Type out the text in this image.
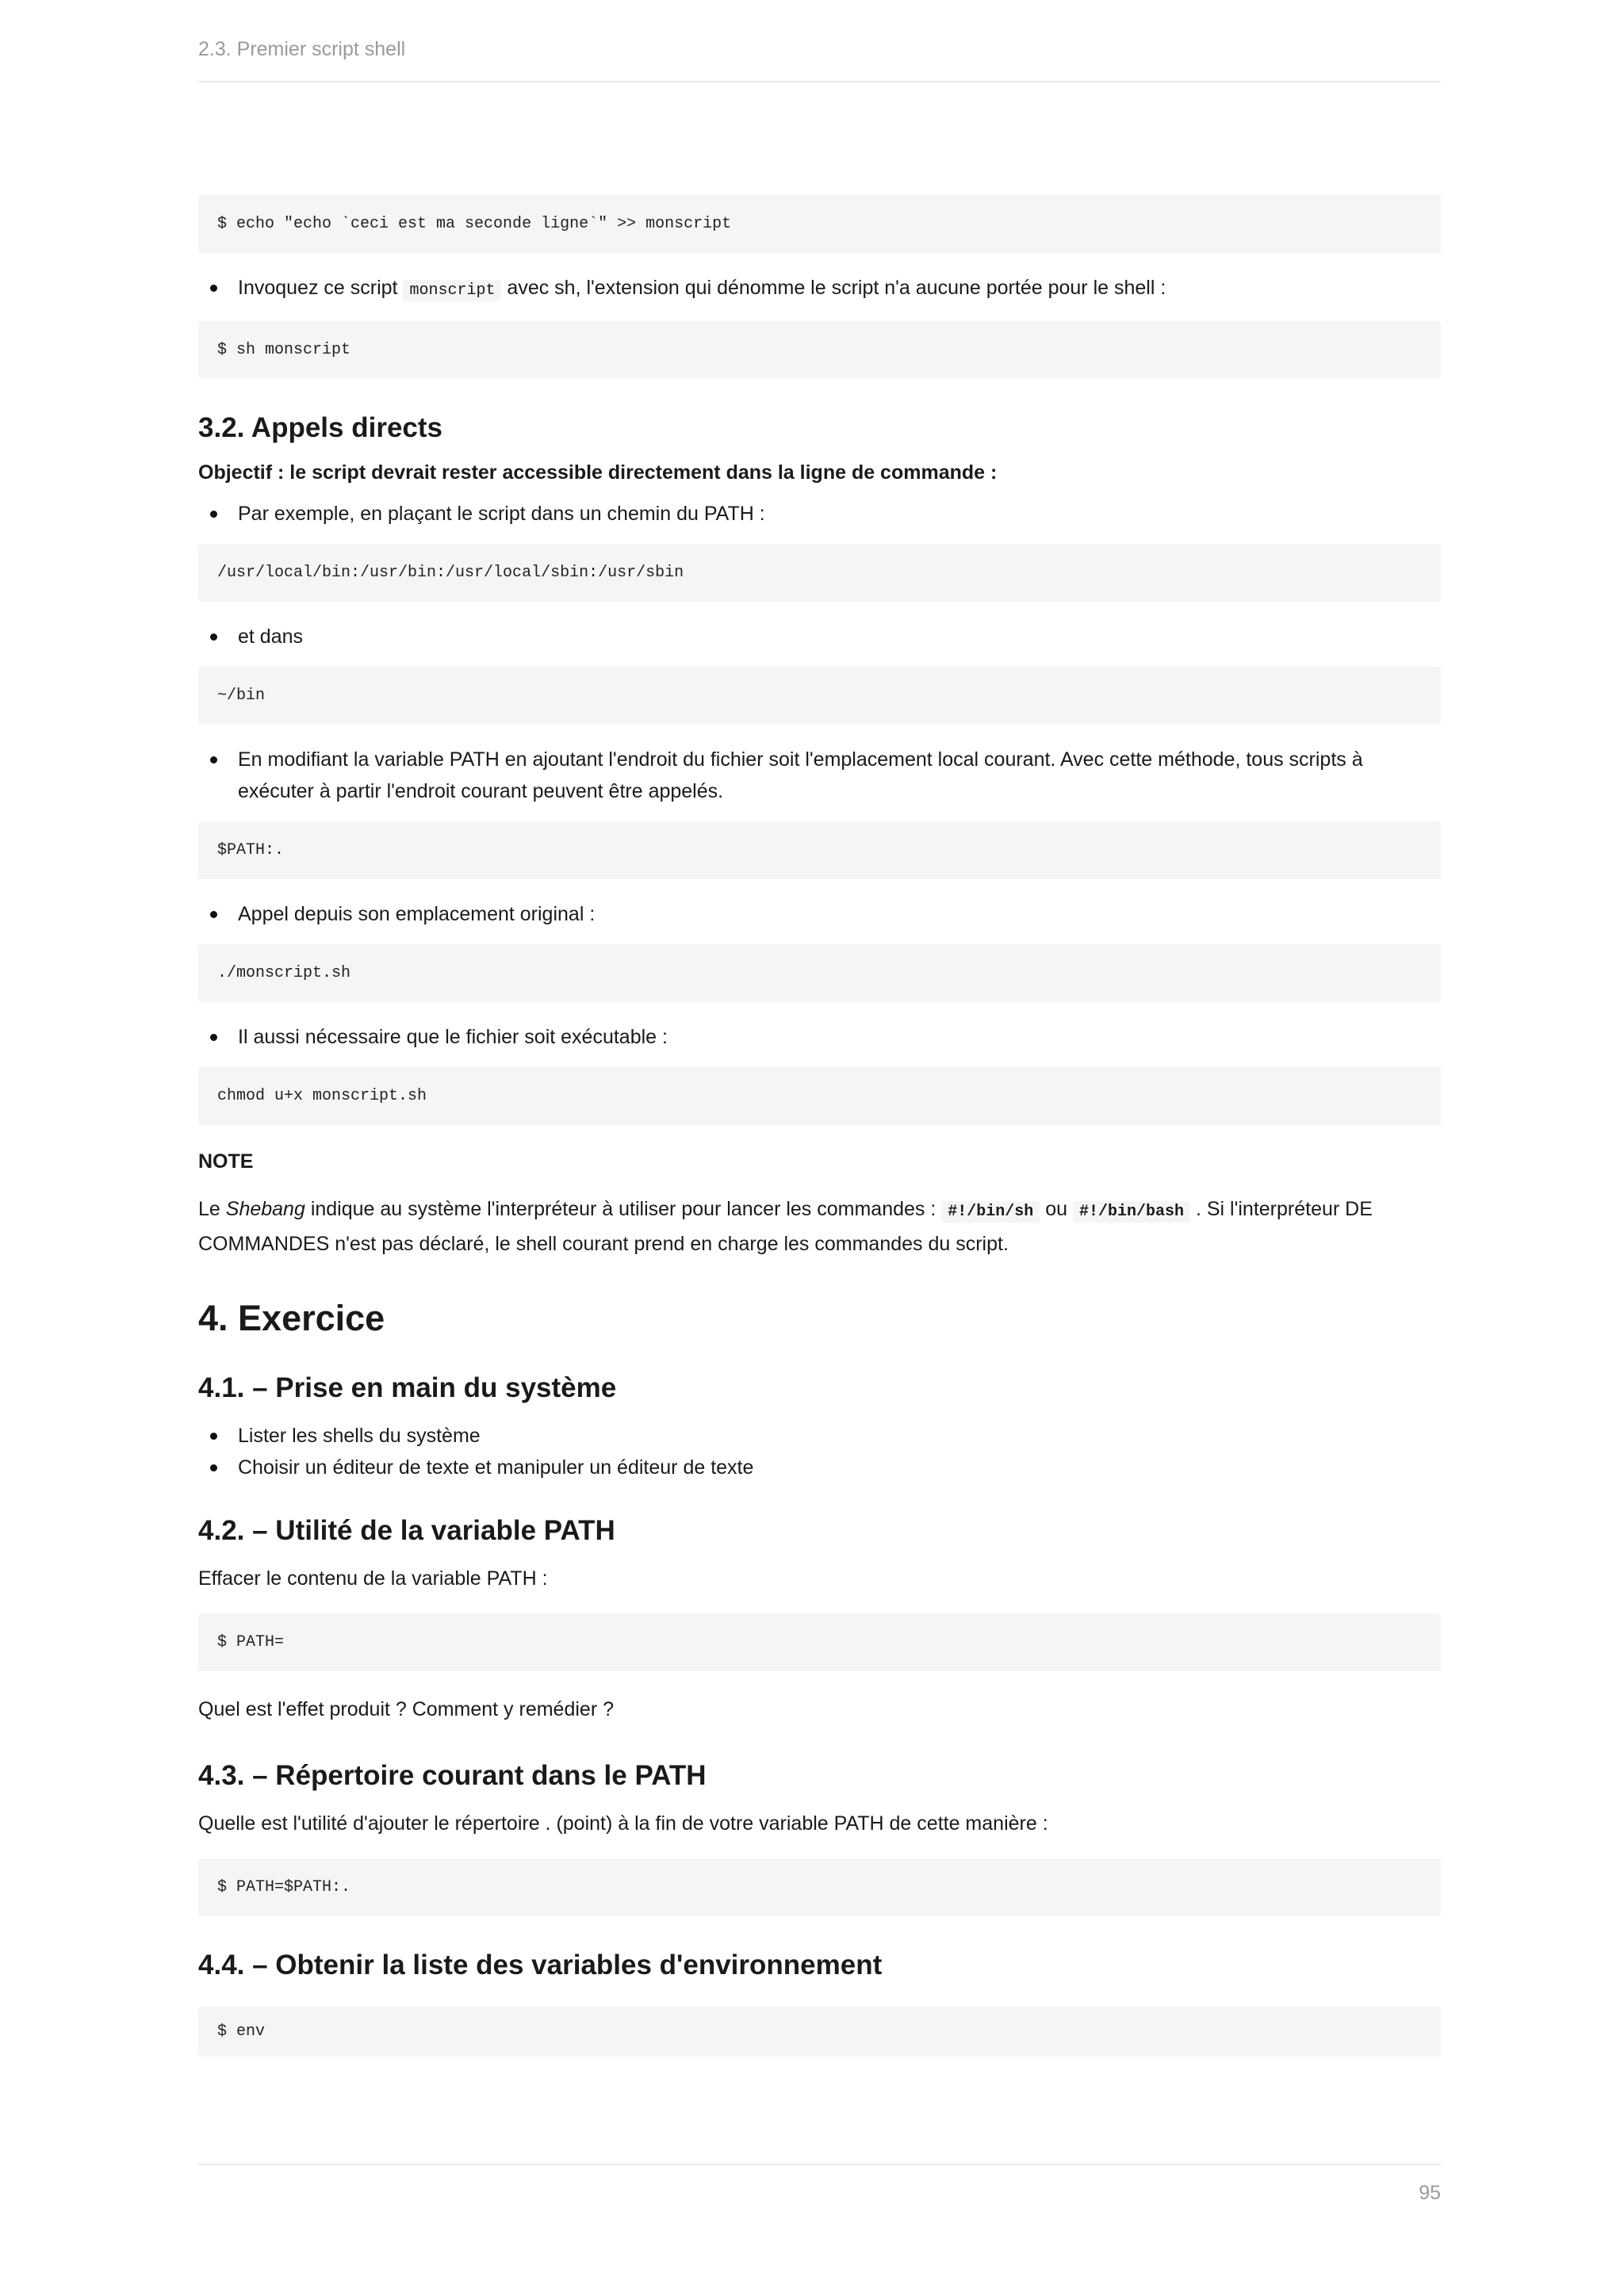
2.3. Premier script shell
$ echo "echo `ceci est ma seconde ligne`" >> monscript
Invoquez ce script monscript avec sh, l'extension qui dénomme le script n'a aucune portée pour le shell :
$ sh monscript
3.2. Appels directs

Objectif : le script devrait rester accessible directement dans la ligne de commande :

Par exemple, en plaçant le script dans un chemin du PATH :
/usr/local/bin:/usr/bin:/usr/local/sbin:/usr/sbin
et dans
~/bin
En modifiant la variable PATH en ajoutant l'endroit du fichier soit l'emplacement local courant. Avec cette méthode, tous scripts à exécuter à partir l'endroit courant peuvent être appelés.
$PATH:.
Appel depuis son emplacement original :
./monscript.sh
Il aussi nécessaire que le fichier soit exécutable :
chmod u+x monscript.sh

NOTE

Le Shebang indique au système l'interpréteur à utiliser pour lancer les commandes : #!/bin/sh ou #!/bin/bash . Si l'interpréteur DE COMMANDES n'est pas déclaré, le shell courant prend en charge les commandes du script.

4. Exercice
4.1. – Prise en main du système
Lister les shells du système
Choisir un éditeur de texte et manipuler un éditeur de texte
4.2. – Utilité de la variable PATH

Effacer le contenu de la variable PATH :

$ PATH=

Quel est l'effet produit ? Comment y remédier ?

4.3. – Répertoire courant dans le PATH

Quelle est l'utilité d'ajouter le répertoire . (point) à la fin de votre variable PATH de cette manière :

$ PATH=$PATH:.
4.4. – Obtenir la liste des variables d'environnement
$ env
95
